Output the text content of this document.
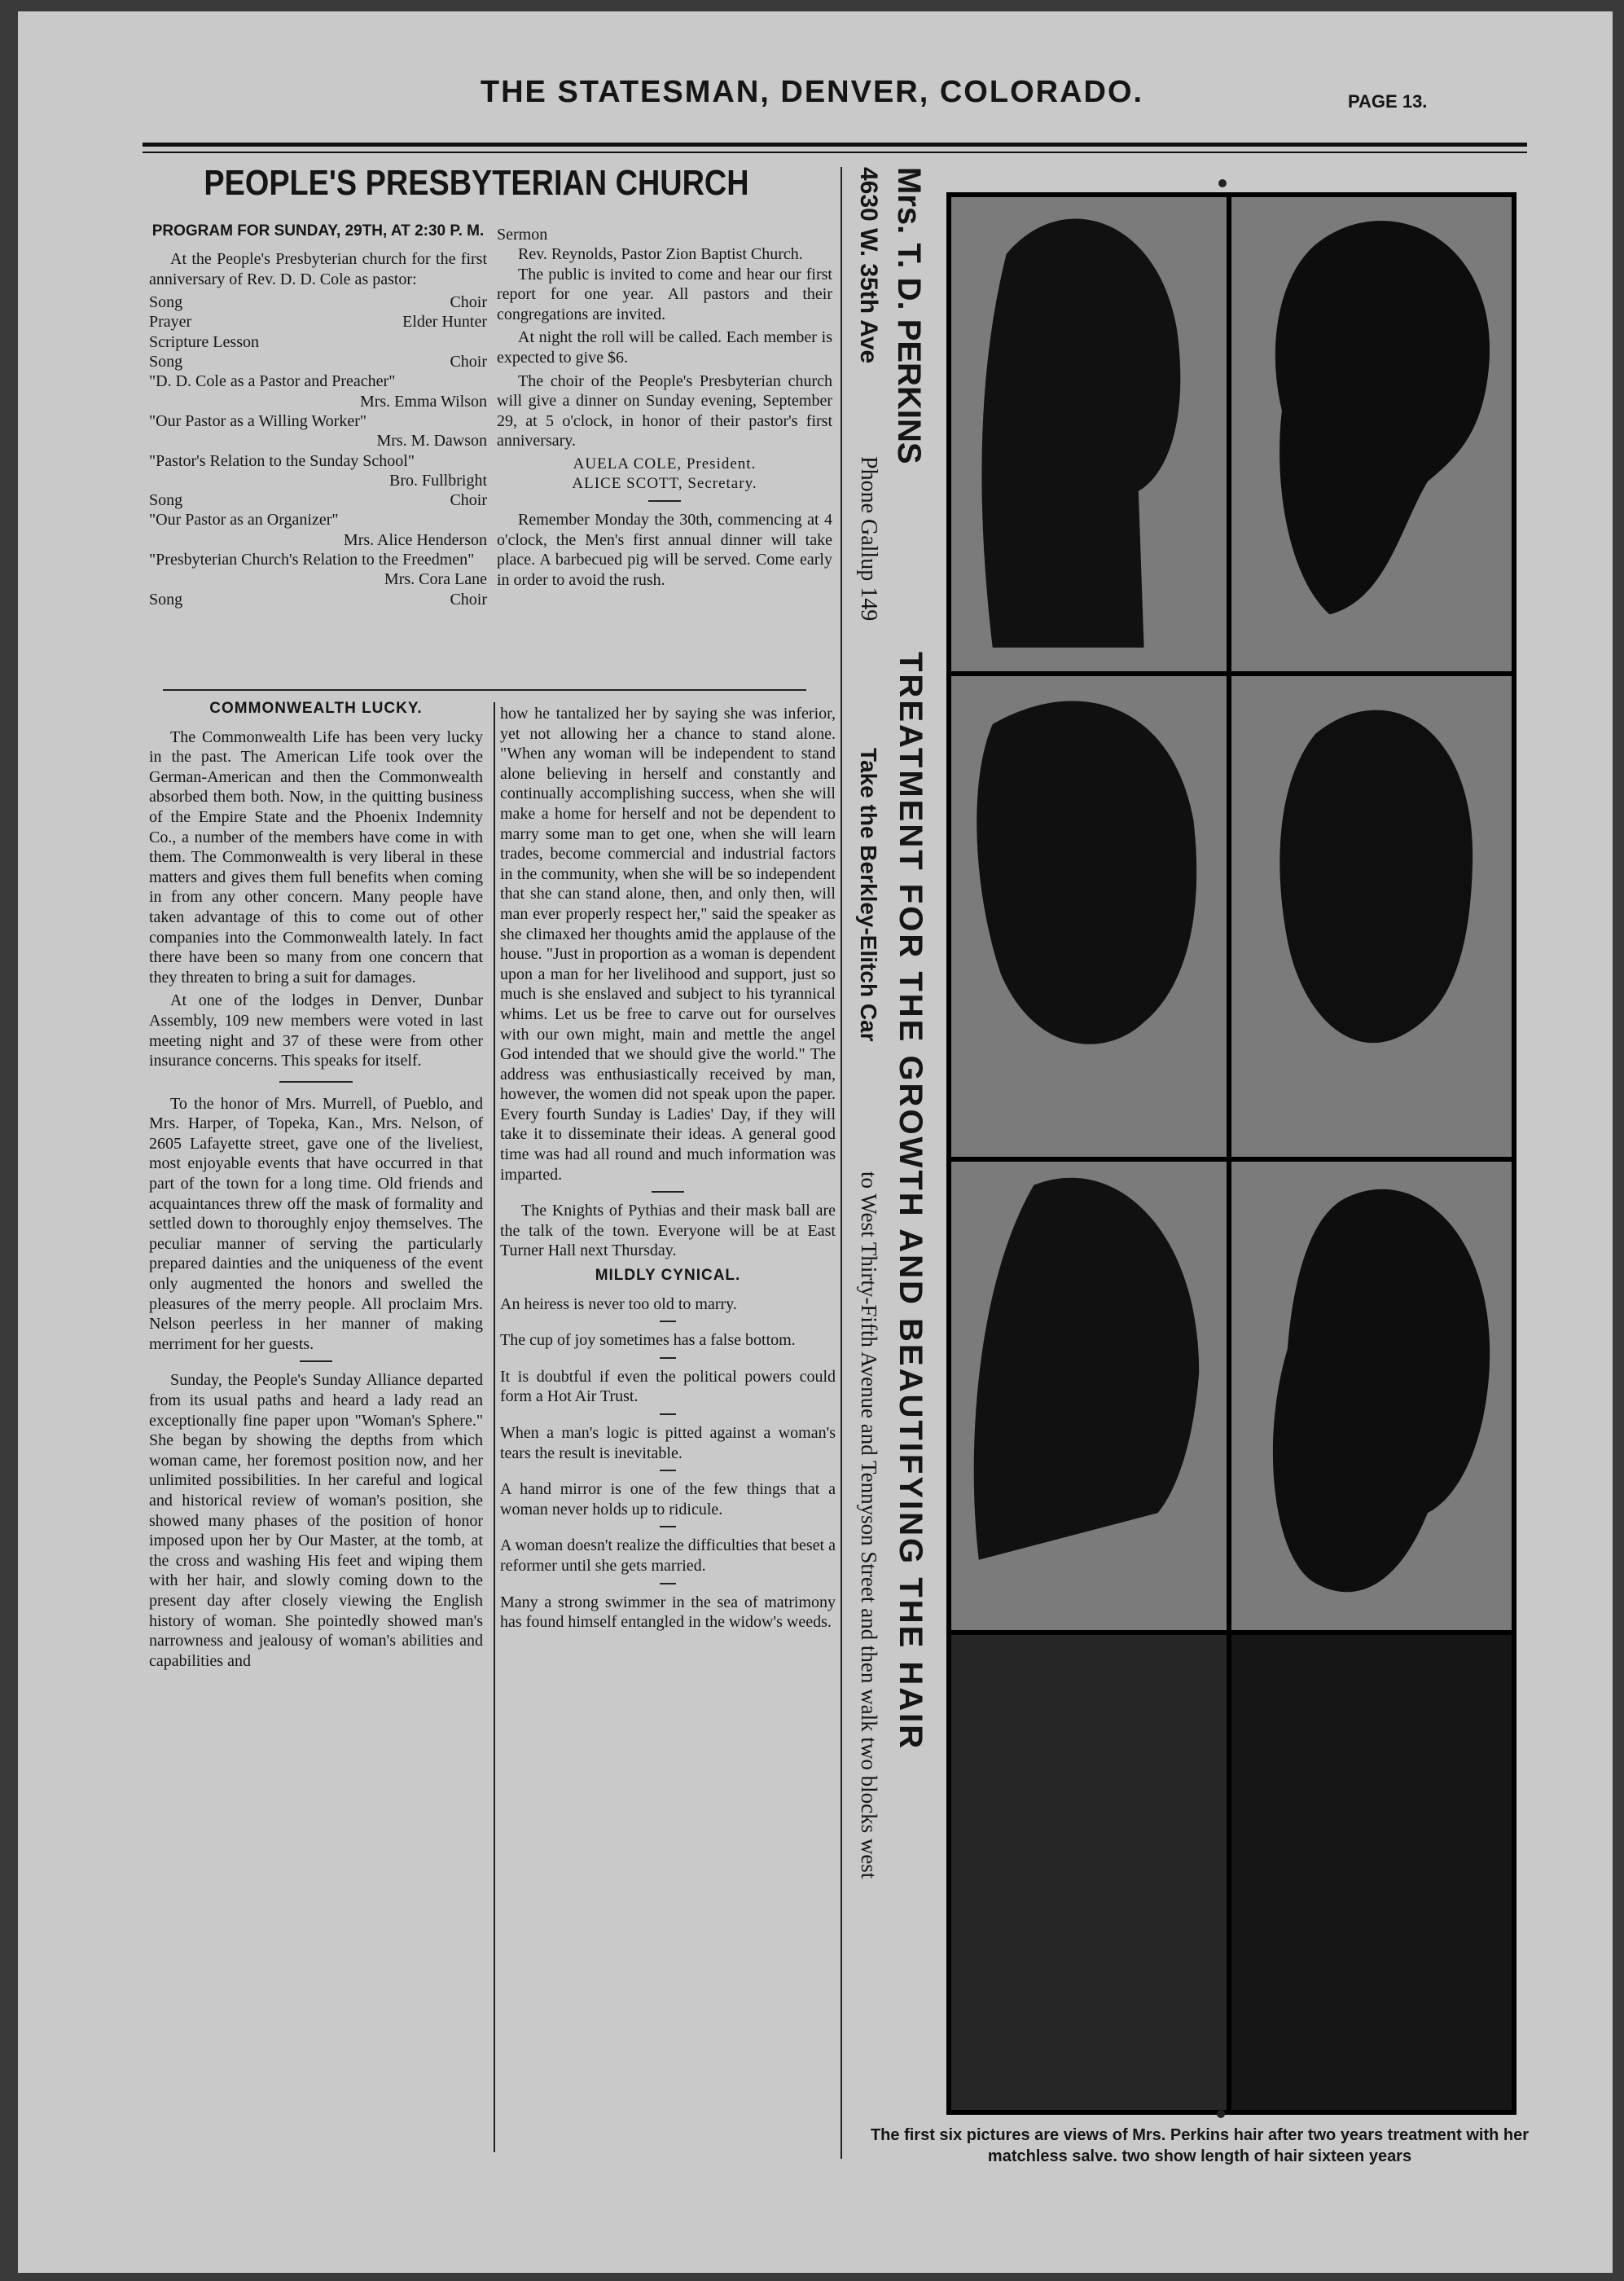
THE STATESMAN, DENVER, COLORADO.	PAGE 13.
PEOPLE'S PRESBYTERIAN CHURCH
PROGRAM FOR SUNDAY, 29TH, AT 2:30 P. M.

At the People's Presbyterian church for the first anniversary of Rev. D. D. Cole as pastor:

Song	Choir
Prayer	Elder Hunter
Scripture Lesson
Song	Choir
"D. D. Cole as a Pastor and Preacher"
Mrs. Emma Wilson
"Our Pastor as a Willing Worker"
Mrs. M. Dawson
"Pastor's Relation to the Sunday School"
Bro. Fullbright
Song	Choir
"Our Pastor as an Organizer"
Mrs. Alice Henderson
"Presbyterian Church's Relation to the Freedmen"
Mrs. Cora Lane
Song	Choir
Sermon
Rev. Reynolds, Pastor Zion Baptist Church.

The public is invited to come and hear our first report for one year. All pastors and their congregations are invited.

At night the roll will be called. Each member is expected to give $6.

The choir of the People's Presbyterian church will give a dinner on Sunday evening, September 29, at 5 o'clock, in honor of their pastor's first anniversary.

AUELA COLE, President.
ALICE SCOTT, Secretary.

Remember Monday the 30th, commencing at 4 o'clock, the Men's first annual dinner will take place. A barbecued pig will be served. Come early in order to avoid the rush.

COMMONWEALTH LUCKY.

The Commonwealth Life has been very lucky in the past. The American Life took over the German-American and then the Commonwealth absorbed them both. Now, in the quitting business of the Empire State and the Phoenix Indemnity Co., a number of the members have come in with them. The Commonwealth is very liberal in these matters and gives them full benefits when coming in from any other concern. Many people have taken advantage of this to come out of other companies into the Commonwealth lately. In fact there have been so many from one concern that they threaten to bring a suit for damages.

At one of the lodges in Denver, Dunbar Assembly, 109 new members were voted in last meeting night and 37 of these were from other insurance concerns. This speaks for itself.

To the honor of Mrs. Murrell, of Pueblo, and Mrs. Harper, of Topeka, Kan., Mrs. Nelson, of 2605 Lafayette street, gave one of the liveliest, most enjoyable events that have occurred in that part of the town for a long time. Old friends and acquaintances threw off the mask of formality and settled down to thoroughly enjoy themselves. The peculiar manner of serving the particularly prepared dainties and the uniqueness of the event only augmented the honors and swelled the pleasures of the merry people. All proclaim Mrs. Nelson peerless in her manner of making merriment for her guests.

Sunday, the People's Sunday Alliance departed from its usual paths and heard a lady read an exceptionally fine paper upon "Woman's Sphere." She began by showing the depths from which woman came, her foremost position now, and her unlimited possibilities. In her careful and logical and historical review of woman's position, she showed many phases of the position of honor imposed upon her by Our Master, at the tomb, at the cross and washing His feet and wiping them with her hair, and slowly coming down to the present day after closely viewing the English history of woman. She pointedly showed man's narrowness and jealousy of woman's abilities and capabilities and

how he tantalized her by saying she was inferior, yet not allowing her a chance to stand alone. "When any woman will be independent to stand alone believing in herself and constantly and continually accomplishing success, when she will make a home for herself and not be dependent to marry some man to get one, when she will learn trades, become commercial and industrial factors in the community, when she will be so independent that she can stand alone, then, and only then, will man ever properly respect her," said the speaker as she climaxed her thoughts amid the applause of the house. "Just in proportion as a woman is dependent upon a man for her livelihood and support, just so much is she enslaved and subject to his tyrannical whims. Let us be free to carve out for ourselves with our own might, main and mettle the angel God intended that we should give the world." The address was enthusiastically received by man, however, the women did not speak upon the paper. Every fourth Sunday is Ladies' Day, if they will take it to disseminate their ideas. A general good time was had all round and much information was imparted.

The Knights of Pythias and their mask ball are the talk of the town. Everyone will be at East Turner Hall next Thursday.

MILDLY CYNICAL.

An heiress is never too old to marry.

The cup of joy sometimes has a false bottom.

It is doubtful if even the political powers could form a Hot Air Trust.

When a man's logic is pitted against a woman's tears the result is inevitable.

A hand mirror is one of the few things that a woman never holds up to ridicule.

A woman doesn't realize the difficulties that beset a reformer until she gets married.

Many a strong swimmer in the sea of matrimony has found himself entangled in the widow's weeds.

Mrs. T. D. PERKINS
4630 W. 35th Ave
Phone Gallup 149
TREATMENT FOR THE GROWTH AND BEAUTIFYING THE HAIR
Take the Berkley-Elitch Car
to West Thirty-Fifth Avenue and Tennyson Street and then walk two blocks west
The first six pictures are views of Mrs. Perkins hair after two years treatment with her matchless salve. two show length of hair sixteen years
